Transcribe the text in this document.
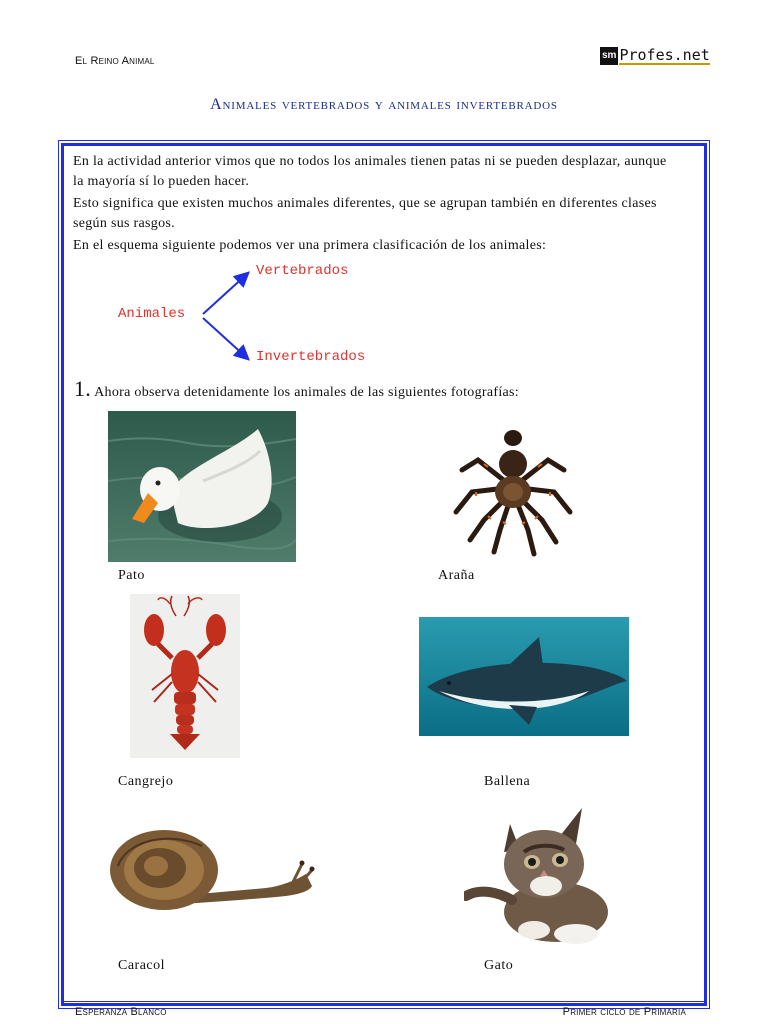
El Reino Animal	sm Profes.net
Animales vertebrados y animales invertebrados
En la actividad anterior vimos que no todos los animales tienen patas ni se pueden desplazar, aunque la mayoría sí lo pueden hacer.
Esto significa que existen muchos animales diferentes, que se agrupan también en diferentes clases según sus rasgos.
En el esquema siguiente podemos ver una primera clasificación de los animales:
Animales
Vertebrados
Invertebrados
1. Ahora observa detenidamente los animales de las siguientes fotografías:
Pato	Araña
Cangrejo	Ballena
Caracol	Gato
Esperanza Blanco	Primer ciclo de Primaria
